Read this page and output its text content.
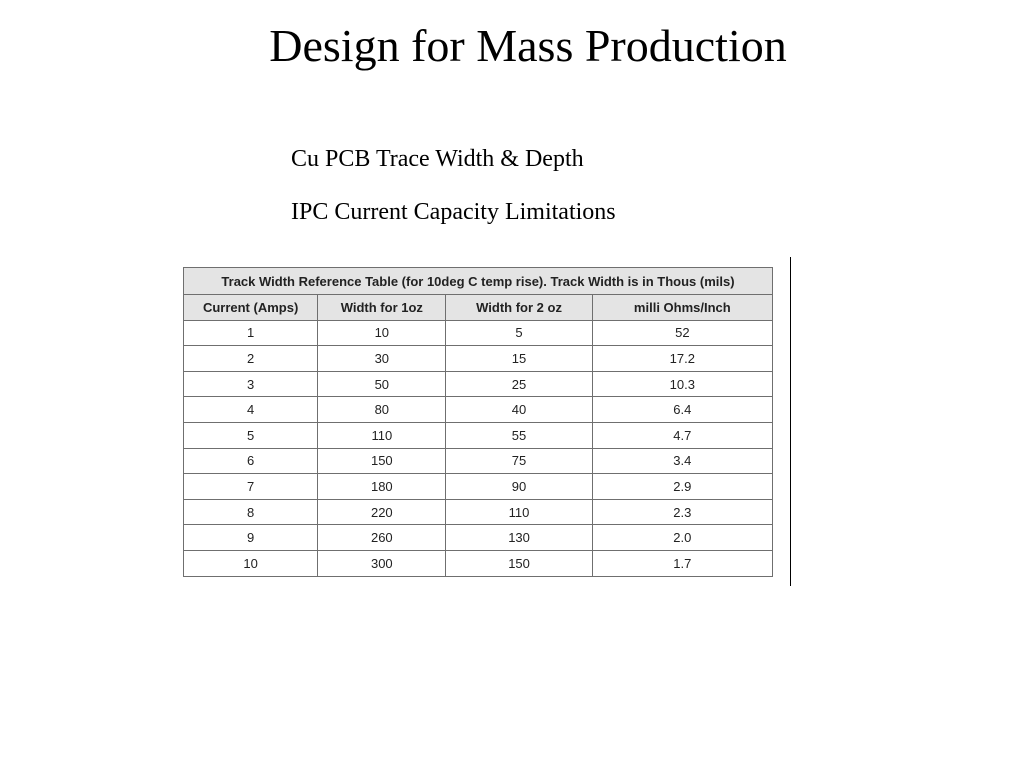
Design for Mass Production
Cu PCB Trace Width & Depth
IPC Current Capacity Limitations
Track Width Reference Table (for 10deg C temp rise). Track Width is in Thous (mils)			
Current (Amps)	Width for 1oz	Width for 2 oz	milli Ohms/Inch
1	10	5	52
2	30	15	17.2
3	50	25	10.3
4	80	40	6.4
5	110	55	4.7
6	150	75	3.4
7	180	90	2.9
8	220	110	2.3
9	260	130	2.0
10	300	150	1.7
